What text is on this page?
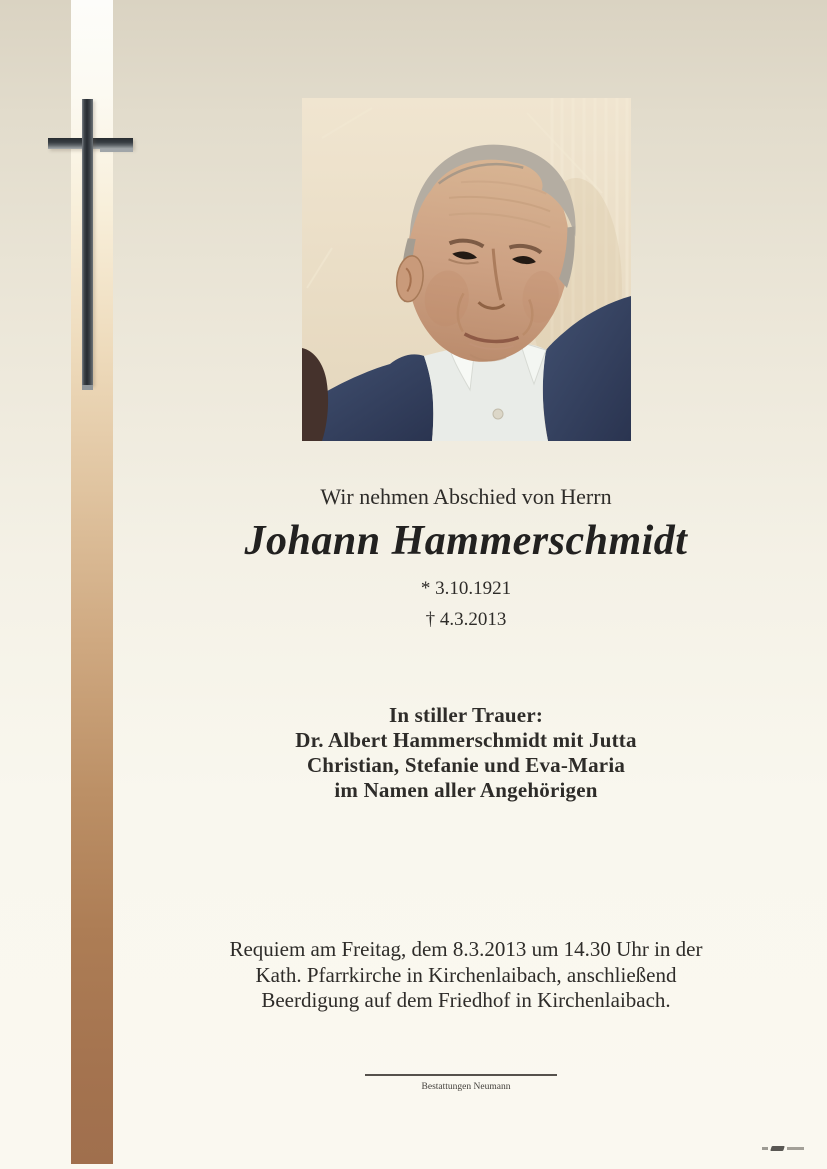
Wir nehmen Abschied von Herrn

Johann Hammerschmidt

* 3.10.1921

† 4.3.2013

In stiller Trauer:

Dr. Albert Hammerschmidt mit Jutta

Christian, Stefanie und Eva-Maria

im Namen aller Angehörigen

Requiem am Freitag, dem 8.3.2013 um 14.30 Uhr in der

Kath. Pfarrkirche in Kirchenlaibach, anschließend

Beerdigung auf dem Friedhof in Kirchenlaibach.

Bestattungen Neumann
